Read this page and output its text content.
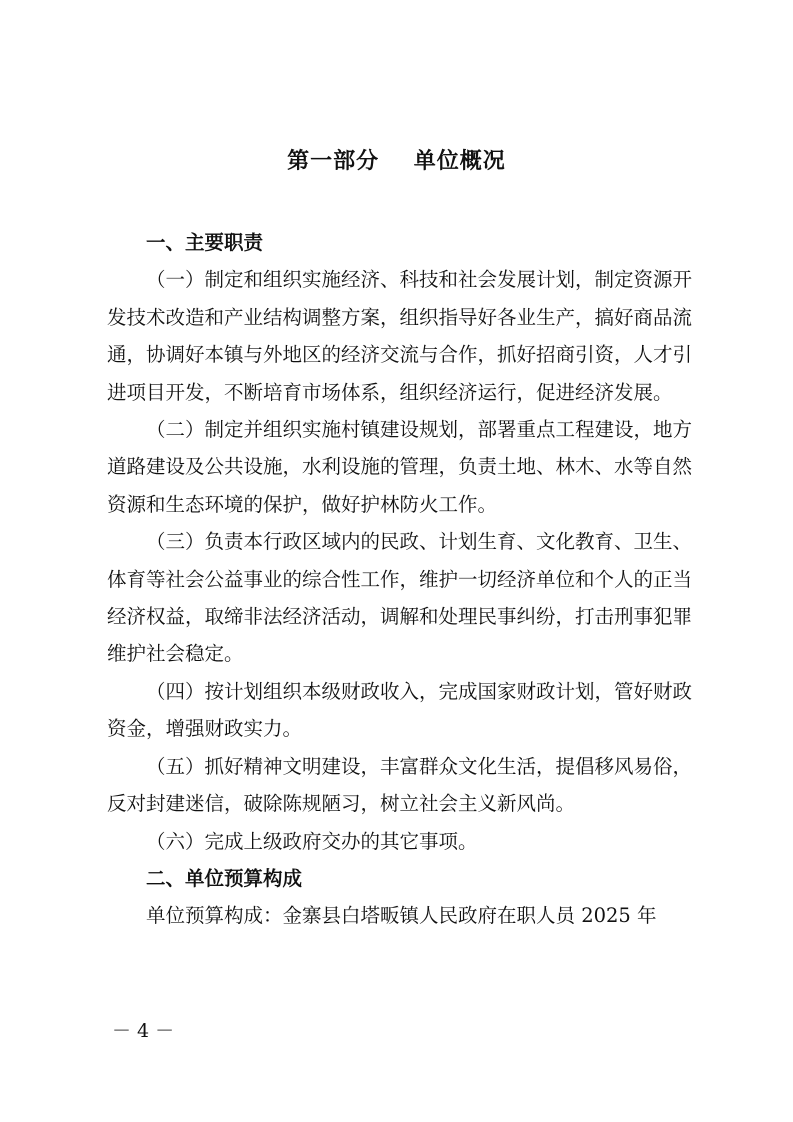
第一部分    单位概况

一、主要职责

（一）制定和组织实施经济、科技和社会发展计划，制定资源开发技术改造和产业结构调整方案，组织指导好各业生产，搞好商品流通，协调好本镇与外地区的经济交流与合作，抓好招商引资，人才引进项目开发，不断培育市场体系，组织经济运行，促进经济发展。

（二）制定并组织实施村镇建设规划，部署重点工程建设，地方道路建设及公共设施，水利设施的管理，负责土地、林木、水等自然资源和生态环境的保护，做好护林防火工作。

（三）负责本行政区域内的民政、计划生育、文化教育、卫生、体育等社会公益事业的综合性工作，维护一切经济单位和个人的正当经济权益，取缔非法经济活动，调解和处理民事纠纷，打击刑事犯罪维护社会稳定。

（四）按计划组织本级财政收入，完成国家财政计划，管好财政资金，增强财政实力。

（五）抓好精神文明建设，丰富群众文化生活，提倡移风易俗，反对封建迷信，破除陈规陋习，树立社会主义新风尚。

（六）完成上级政府交办的其它事项。

二、单位预算构成

单位预算构成：金寨县白塔畈镇人民政府在职人员 2025 年

－ 4 －
